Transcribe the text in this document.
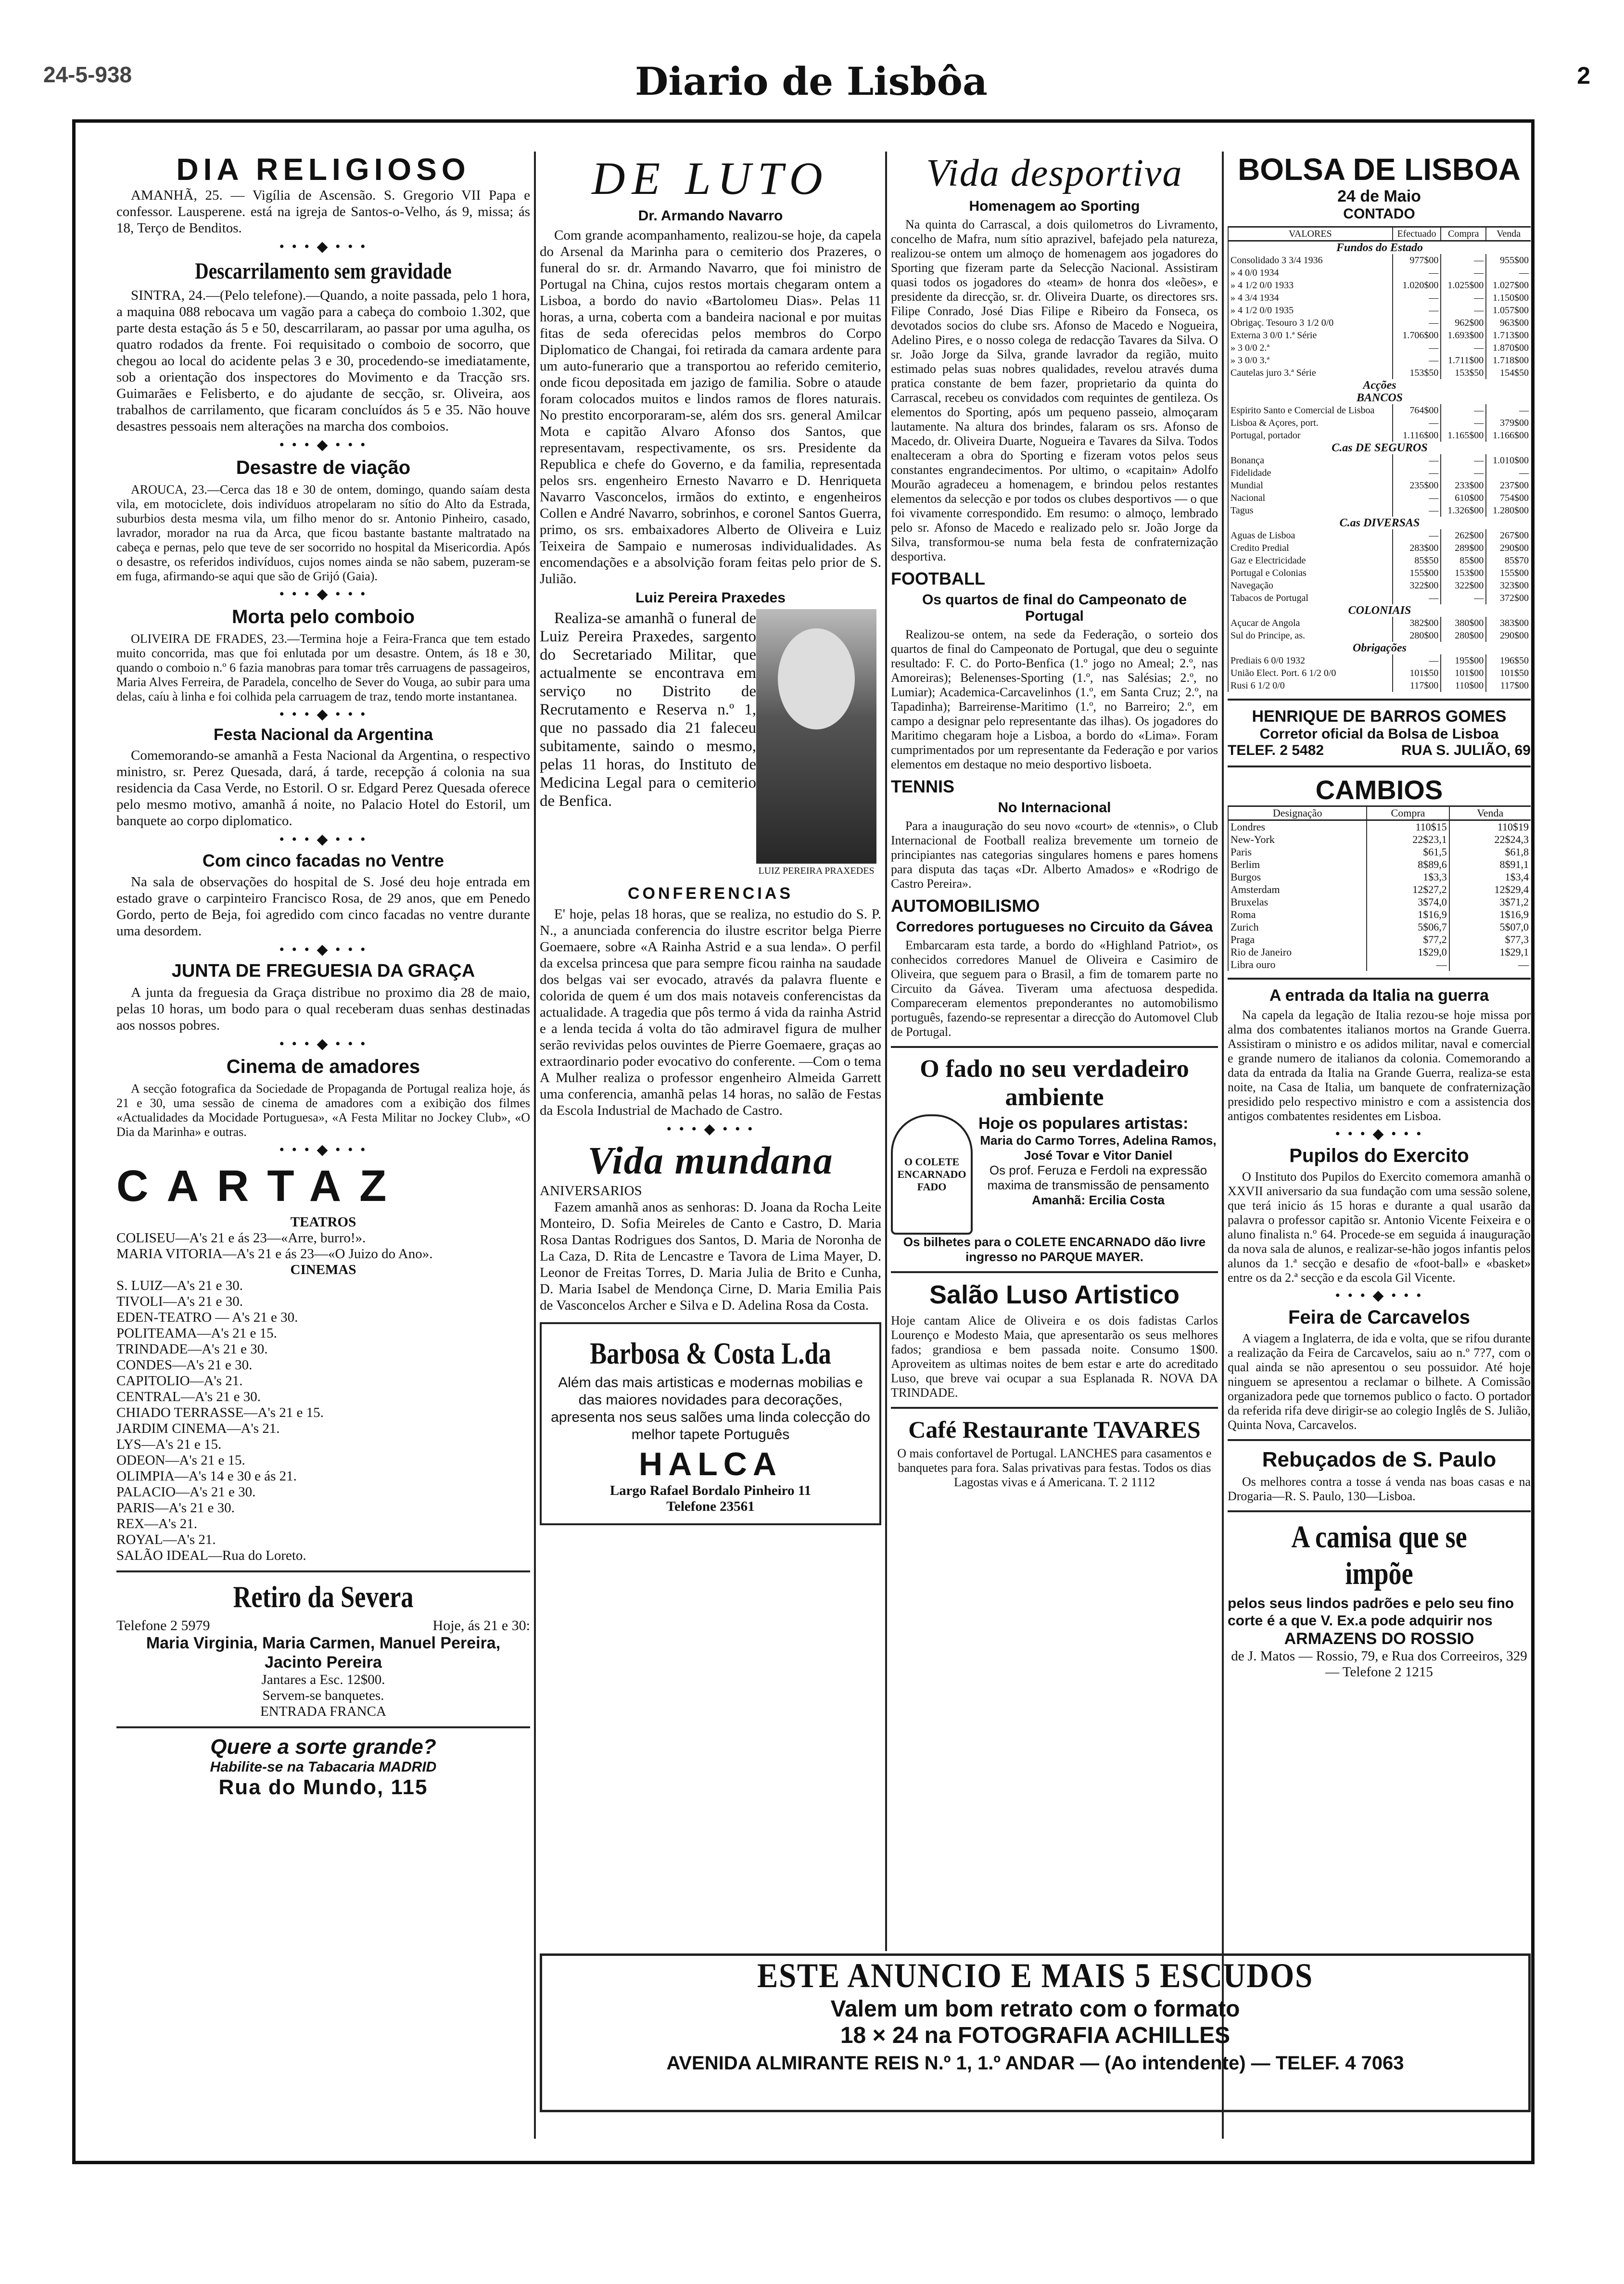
24-5-938	Diario de Lisbôa	2
DIA RELIGIOSO

AMANHÃ, 25. — Vigília de Ascensão. S. Gregorio VII Papa e confessor. Lausperene. está na igreja de Santos-o-Velho, ás 9, missa; ás 18, Terço de Benditos.

• • • ◆ • • •
Descarrilamento sem gravidade

SINTRA, 24.—(Pelo telefone).—Quando, a noite passada, pelo 1 hora, a maquina 088 rebocava um vagão para a cabeça do comboio 1.302, que parte desta estação ás 5 e 50, descarrilaram, ao passar por uma agulha, os quatro rodados da frente. Foi requisitado o comboio de socorro, que chegou ao local do acidente pelas 3 e 30, procedendo-se imediatamente, sob a orientação dos inspectores do Movimento e da Tracção srs. Guimarães e Felisberto, e do ajudante de secção, sr. Oliveira, aos trabalhos de carrilamento, que ficaram concluídos ás 5 e 35. Não houve desastres pessoais nem alterações na marcha dos comboios.

• • • ◆ • • •
Desastre de viação

AROUCA, 23.—Cerca das 18 e 30 de ontem, domingo, quando saíam desta vila, em motociclete, dois indivíduos atropelaram no sítio do Alto da Estrada, suburbios desta mesma vila, um filho menor do sr. Antonio Pinheiro, casado, lavrador, morador na rua da Arca, que ficou bastante bastante maltratado na cabeça e pernas, pelo que teve de ser socorrido no hospital da Misericordia. Após o desastre, os referidos indivíduos, cujos nomes ainda se não sabem, puzeram-se em fuga, afirmando-se aqui que são de Grijó (Gaia).

• • • ◆ • • •
Morta pelo comboio

OLIVEIRA DE FRADES, 23.—Termina hoje a Feira-Franca que tem estado muito concorrida, mas que foi enlutada por um desastre. Ontem, ás 18 e 30, quando o comboio n.º 6 fazia manobras para tomar três carruagens de passageiros, Maria Alves Ferreira, de Paradela, concelho de Sever do Vouga, ao subir para uma delas, caíu à linha e foi colhida pela carruagem de traz, tendo morte instantanea.

• • • ◆ • • •
Festa Nacional da Argentina

Comemorando-se amanhã a Festa Nacional da Argentina, o respectivo ministro, sr. Perez Quesada, dará, á tarde, recepção á colonia na sua residencia da Casa Verde, no Estoril. O sr. Edgard Perez Quesada oferece pelo mesmo motivo, amanhã á noite, no Palacio Hotel do Estoril, um banquete ao corpo diplomatico.

• • • ◆ • • •
Com cinco facadas no Ventre

Na sala de observações do hospital de S. José deu hoje entrada em estado grave o carpinteiro Francisco Rosa, de 29 anos, que em Penedo Gordo, perto de Beja, foi agredido com cinco facadas no ventre durante uma desordem.

• • • ◆ • • •
JUNTA DE FREGUESIA DA GRAÇA

A junta da freguesia da Graça distribue no proximo dia 28 de maio, pelas 10 horas, um bodo para o qual receberam duas senhas destinadas aos nossos pobres.

• • • ◆ • • •
Cinema de amadores

A secção fotografica da Sociedade de Propaganda de Portugal realiza hoje, ás 21 e 30, uma sessão de cinema de amadores com a exibição dos filmes «Actualidades da Mocidade Portuguesa», «A Festa Militar no Jockey Club», «O Dia da Marinha» e outras.

• • • ◆ • • •
CARTAZ
TEATROS
COLISEU—A's 21 e ás 23—«Arre, burro!».
MARIA VITORIA—A's 21 e ás 23—«O Juizo do Ano».
CINEMAS
S. LUIZ—A's 21 e 30.
TIVOLI—A's 21 e 30.
EDEN-TEATRO — A's 21 e 30.
POLITEAMA—A's 21 e 15.
TRINDADE—A's 21 e 30.
CONDES—A's 21 e 30.
CAPITOLIO—A's 21.
CENTRAL—A's 21 e 30.
CHIADO TERRASSE—A's 21 e 15.
JARDIM CINEMA—A's 21.
LYS—A's 21 e 15.
ODEON—A's 21 e 15.
OLIMPIA—A's 14 e 30 e ás 21.
PALACIO—A's 21 e 30.
PARIS—A's 21 e 30.
REX—A's 21.
ROYAL—A's 21.
SALÃO IDEAL—Rua do Loreto.
Retiro da Severa
Telefone 2 5979	Hoje, ás 21 e 30:
Maria Virginia, Maria Carmen, Manuel Pereira, Jacinto Pereira
Jantares a Esc. 12$00.
Servem-se banquetes.
ENTRADA FRANCA
Quere a sorte grande?
Habilite-se na Tabacaria MADRID
Rua do Mundo, 115
DE LUTO
Dr. Armando Navarro

Com grande acompanhamento, realizou-se hoje, da capela do Arsenal da Marinha para o cemiterio dos Prazeres, o funeral do sr. dr. Armando Navarro, que foi ministro de Portugal na China, cujos restos mortais chegaram ontem a Lisboa, a bordo do navio «Bartolomeu Dias». Pelas 11 horas, a urna, coberta com a bandeira nacional e por muitas fitas de seda oferecidas pelos membros do Corpo Diplomatico de Changai, foi retirada da camara ardente para um auto-funerario que a transportou ao referido cemiterio, onde ficou depositada em jazigo de familia. Sobre o ataude foram colocados muitos e lindos ramos de flores naturais. No prestito encorporaram-se, além dos srs. general Amilcar Mota e capitão Alvaro Afonso dos Santos, que representavam, respectivamente, os srs. Presidente da Republica e chefe do Governo, e da familia, representada pelos srs. engenheiro Ernesto Navarro e D. Henriqueta Navarro Vasconcelos, irmãos do extinto, e engenheiros Collen e André Navarro, sobrinhos, e coronel Santos Guerra, primo, os srs. embaixadores Alberto de Oliveira e Luiz Teixeira de Sampaio e numerosas individualidades. As encomendações e a absolvição foram feitas pelo prior de S. Julião.

Luiz Pereira Praxedes
LUIZ PEREIRA PRAXEDES

Realiza-se amanhã o funeral de Luiz Pereira Praxedes, sargento do Secretariado Militar, que actualmente se encontrava em serviço no Distrito de Recrutamento e Reserva n.º 1, que no passado dia 21 faleceu subitamente, saindo o mesmo, pelas 11 horas, do Instituto de Medicina Legal para o cemiterio de Benfica.

CONFERENCIAS

E' hoje, pelas 18 horas, que se realiza, no estudio do S. P. N., a anunciada conferencia do ilustre escritor belga Pierre Goemaere, sobre «A Rainha Astrid e a sua lenda». O perfil da excelsa princesa que para sempre ficou rainha na saudade dos belgas vai ser evocado, através da palavra fluente e colorida de quem é um dos mais notaveis conferencistas da actualidade. A tragedia que pôs termo á vida da rainha Astrid e a lenda tecida á volta do tão admiravel figura de mulher serão revividas pelos ouvintes de Pierre Goemaere, graças ao extraordinario poder evocativo do conferente. —Com o tema A Mulher realiza o professor engenheiro Almeida Garrett uma conferencia, amanhã pelas 14 horas, no salão de Festas da Escola Industrial de Machado de Castro.

• • • ◆ • • •
Vida mundana
ANIVERSARIOS

Fazem amanhã anos as senhoras: D. Joana da Rocha Leite Monteiro, D. Sofia Meireles de Canto e Castro, D. Maria Rosa Dantas Rodrigues dos Santos, D. Maria de Noronha de La Caza, D. Rita de Lencastre e Tavora de Lima Mayer, D. Leonor de Freitas Torres, D. Maria Julia de Brito e Cunha, D. Maria Isabel de Mendonça Cirne, D. Maria Emilia Pais de Vasconcelos Archer e Silva e D. Adelina Rosa da Costa.

Barbosa & Costa L.da

Além das mais artisticas e modernas mobilias e das maiores novidades para decorações, apresenta nos seus salões uma linda colecção do melhor tapete Português

HALCA
Largo Rafael Bordalo Pinheiro 11
Telefone 23561
Vida desportiva
Homenagem ao Sporting

Na quinta do Carrascal, a dois quilometros do Livramento, concelho de Mafra, num sítio aprazivel, bafejado pela natureza, realizou-se ontem um almoço de homenagem aos jogadores do Sporting que fizeram parte da Selecção Nacional. Assistiram quasi todos os jogadores do «team» de honra dos «leões», e presidente da direcção, sr. dr. Oliveira Duarte, os directores srs. Filipe Conrado, José Dias Filipe e Ribeiro da Fonseca, os devotados socios do clube srs. Afonso de Macedo e Nogueira, Adelino Pires, e o nosso colega de redacção Tavares da Silva. O sr. João Jorge da Silva, grande lavrador da região, muito estimado pelas suas nobres qualidades, revelou através duma pratica constante de bem fazer, proprietario da quinta do Carrascal, recebeu os convidados com requintes de gentileza. Os elementos do Sporting, após um pequeno passeio, almoçaram lautamente. Na altura dos brindes, falaram os srs. Afonso de Macedo, dr. Oliveira Duarte, Nogueira e Tavares da Silva. Todos enalteceram a obra do Sporting e fizeram votos pelos seus constantes engrandecimentos. Por ultimo, o «capitain» Adolfo Mourão agradeceu a homenagem, e brindou pelos restantes elementos da selecção e por todos os clubes desportivos — o que foi vivamente correspondido. Em resumo: o almoço, lembrado pelo sr. Afonso de Macedo e realizado pelo sr. João Jorge da Silva, transformou-se numa bela festa de confraternização desportiva.

FOOTBALL
Os quartos de final do Campeonato de Portugal

Realizou-se ontem, na sede da Federação, o sorteio dos quartos de final do Campeonato de Portugal, que deu o seguinte resultado: F. C. do Porto-Benfica (1.º jogo no Ameal; 2.º, nas Amoreiras); Belenenses-Sporting (1.º, nas Salésias; 2.º, no Lumiar); Academica-Carcavelinhos (1.º, em Santa Cruz; 2.º, na Tapadinha); Barreirense-Maritimo (1.º, no Barreiro; 2.º, em campo a designar pelo representante das ilhas). Os jogadores do Maritimo chegaram hoje a Lisboa, a bordo do «Lima». Foram cumprimentados por um representante da Federação e por varios elementos em destaque no meio desportivo lisboeta.

TENNIS
No Internacional

Para a inauguração do seu novo «court» de «tennis», o Club Internacional de Football realiza brevemente um torneio de principiantes nas categorias singulares homens e pares homens para disputa das taças «Dr. Alberto Amados» e «Rodrigo de Castro Pereira».

AUTOMOBILISMO
Corredores portugueses no Circuito da Gávea

Embarcaram esta tarde, a bordo do «Highland Patriot», os conhecidos corredores Manuel de Oliveira e Casimiro de Oliveira, que seguem para o Brasil, a fim de tomarem parte no Circuito da Gávea. Tiveram uma afectuosa despedida. Compareceram elementos preponderantes no automobilismo português, fazendo-se representar a direcção do Automovel Club de Portugal.

O fado no seu verdadeiro ambiente
O COLETE ENCARNADO FADO
Hoje os populares artistas:
Maria do Carmo Torres, Adelina Ramos, José Tovar e Vitor Daniel
Os prof. Feruza e Ferdoli na expressão maxima de transmissão de pensamento
Amanhã: Ercilia Costa
Os bilhetes para o COLETE ENCARNADO dão livre ingresso no PARQUE MAYER.
Salão Luso Artistico

Hoje cantam Alice de Oliveira e os dois fadistas Carlos Lourenço e Modesto Maia, que apresentarão os seus melhores fados; grandiosa e bem passada noite. Consumo 1$00. Aproveitem as ultimas noites de bem estar e arte do acreditado Luso, que breve vai ocupar a sua Esplanada R. NOVA DA TRINDADE.

Café Restaurante TAVARES

O mais confortavel de Portugal. LANCHES para casamentos e banquetes para fora. Salas privativas para festas. Todos os dias Lagostas vivas e á Americana. T. 2 1112

BOLSA DE LISBOA
24 de Maio
CONTADO
VALORES	Efectuado	Compra	Venda
Fundos do Estado			
Consolidado 3 3/4 1936	977$00	—	955$00
» 4 0/0 1934	—	—	—
» 4 1/2 0/0 1933	1.020$00	1.025$00	1.027$00
» 4 3/4 1934	—	—	1.150$00
» 4 1/2 0/0 1935	—	—	1.057$00
Obrigaç. Tesouro 3 1/2 0/0	—	962$00	963$00
Externa 3 0/0 1.ª Série	1.706$00	1.693$00	1.713$00
» 3 0/0 2.ª	—	—	1.870$00
» 3 0/0 3.ª	—	1.711$00	1.718$00
Cautelas juro 3.ª Série	153$50	153$50	154$50
Acções			
BANCOS			
Espirito Santo e Comercial de Lisboa	764$00	—	—
Lisboa & Açores, port.	—	—	379$00
Portugal, portador	1.116$00	1.165$00	1.166$00
C.as DE SEGUROS			
Bonança	—	—	1.010$00
Fidelidade	—	—	—
Mundial	235$00	233$00	237$00
Nacional	—	610$00	754$00
Tagus	—	1.326$00	1.280$00
C.as DIVERSAS			
Aguas de Lisboa	—	262$00	267$00
Credito Predial	283$00	289$00	290$00
Gaz e Electricidade	85$50	85$00	85$70
Portugal e Colonias	155$00	153$00	155$00
Navegação	322$00	322$00	323$00
Tabacos de Portugal	—	—	372$00
COLONIAIS			
Açucar de Angola	382$00	380$00	383$00
Sul do Principe, as.	280$00	280$00	290$00
Obrigações			
Prediais 6 0/0 1932	—	195$00	196$50
União Elect. Port. 6 1/2 0/0	101$50	101$00	101$50
Rusi 6 1/2 0/0	117$00	110$00	117$00
HENRIQUE DE BARROS GOMES
Corretor oficial da Bolsa de Lisboa
TELEF. 2 5482	RUA S. JULIÃO, 69
CAMBIOS
Designação	Compra	Venda
Londres	110$15	110$19
New-York	22$23,1	22$24,3
Paris	$61,5	$61,8
Berlim	8$89,6	8$91,1
Burgos	1$3,3	1$3,4
Amsterdam	12$27,2	12$29,4
Bruxelas	3$74,0	3$71,2
Roma	1$16,9	1$16,9
Zurich	5$06,7	5$07,0
Praga	$77,2	$77,3
Rio de Janeiro	1$29,0	1$29,1
Libra ouro	—	—
A entrada da Italia na guerra

Na capela da legação de Italia rezou-se hoje missa por alma dos combatentes italianos mortos na Grande Guerra. Assistiram o ministro e os adidos militar, naval e comercial e grande numero de italianos da colonia. Comemorando a data da entrada da Italia na Grande Guerra, realiza-se esta noite, na Casa de Italia, um banquete de confraternização presidido pelo respectivo ministro e com a assistencia dos antigos combatentes residentes em Lisboa.

• • • ◆ • • •
Pupilos do Exercito

O Instituto dos Pupilos do Exercito comemora amanhã o XXVII aniversario da sua fundação com uma sessão solene, que terá inicio ás 15 horas e durante a qual usarão da palavra o professor capitão sr. Antonio Vicente Feixeira e o aluno finalista n.º 64. Procede-se em seguida á inauguração da nova sala de alunos, e realizar-se-hão jogos infantis pelos alunos da 1.ª secção e desafio de «foot-ball» e «basket» entre os da 2.ª secção e da escola Gil Vicente.

• • • ◆ • • •
Feira de Carcavelos

A viagem a Inglaterra, de ida e volta, que se rifou durante a realização da Feira de Carcavelos, saiu ao n.º 7?7, com o qual ainda se não apresentou o seu possuidor. Até hoje ninguem se apresentou a reclamar o bilhete. A Comissão organizadora pede que tornemos publico o facto. O portador da referida rifa deve dirigir-se ao colegio Inglês de S. Julião, Quinta Nova, Carcavelos.

Rebuçados de S. Paulo

Os melhores contra a tosse á venda nas boas casas e na Drogaria—R. S. Paulo, 130—Lisboa.

A camisa que se impõe
pelos seus lindos padrões e pelo seu fino corte é a que V. Ex.a pode adquirir nos
ARMAZENS DO ROSSIO
de J. Matos — Rossio, 79, e Rua dos Correeiros, 329 — Telefone 2 1215
ESTE ANUNCIO E MAIS 5 ESCUDOS
Valem um bom retrato com o formato
18 × 24 na FOTOGRAFIA ACHILLES
AVENIDA ALMIRANTE REIS N.º 1, 1.º ANDAR — (Ao intendente) — TELEF. 4 7063
